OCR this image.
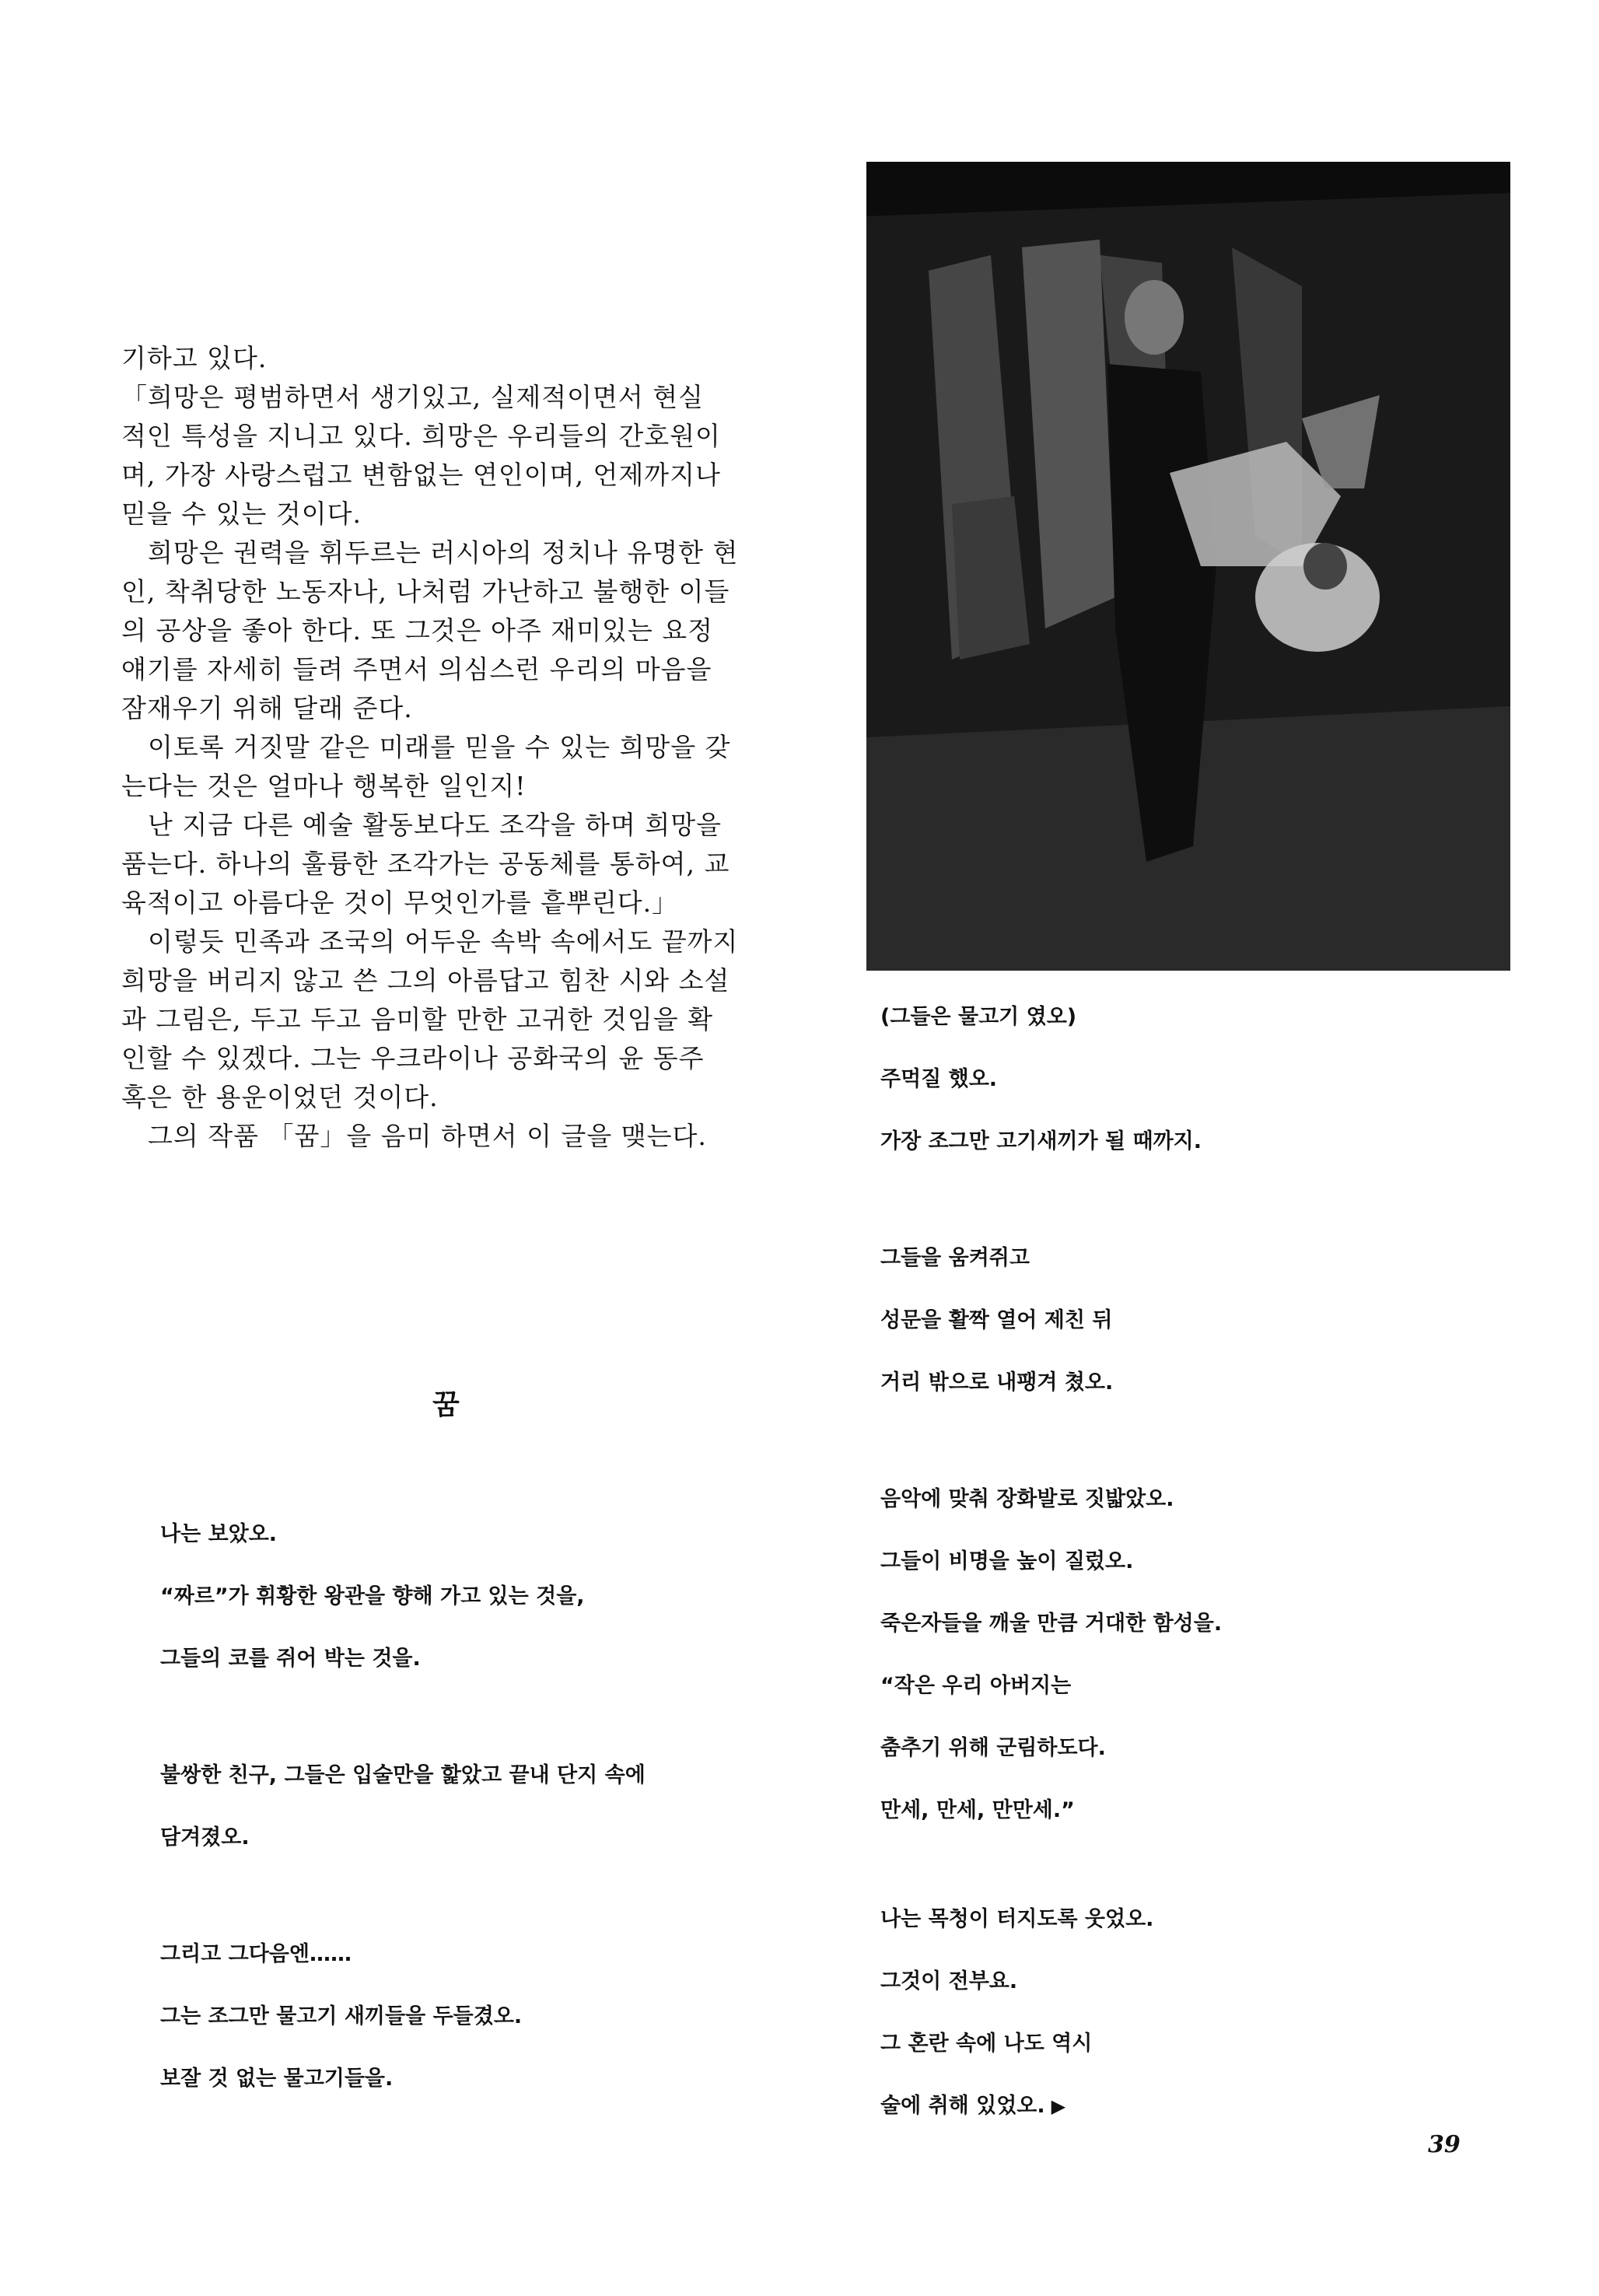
기하고 있다.

「희망은 평범하면서 생기있고, 실제적이면서 현실

적인 특성을 지니고 있다. 희망은 우리들의 간호원이

며, 가장 사랑스럽고 변함없는 연인이며, 언제까지나

믿을 수 있는 것이다.

희망은 권력을 휘두르는 러시아의 정치나 유명한 현

인, 착취당한 노동자나, 나처럼 가난하고 불행한 이들

의 공상을 좋아 한다. 또 그것은 아주 재미있는 요정

얘기를 자세히 들려 주면서 의심스런 우리의 마음을

잠재우기 위해 달래 준다.

이토록 거짓말 같은 미래를 믿을 수 있는 희망을 갖

는다는 것은 얼마나 행복한 일인지!

난 지금 다른 예술 활동보다도 조각을 하며 희망을

품는다. 하나의 훌륭한 조각가는 공동체를 통하여, 교

육적이고 아름다운 것이 무엇인가를 흩뿌린다.」

이렇듯 민족과 조국의 어두운 속박 속에서도 끝까지

희망을 버리지 않고 쓴 그의 아름답고 힘찬 시와 소설

과 그림은, 두고 두고 음미할 만한 고귀한 것임을 확

인할 수 있겠다. 그는 우크라이나 공화국의 윤 동주

혹은 한 용운이었던 것이다.

그의 작품 「꿈」을 음미 하면서 이 글을 맺는다.

꿈
나는 보았오.
“짜르”가 휘황한 왕관을 향해 가고 있는 것을,
그들의 코를 쥐어 박는 것을.
불쌍한 친구, 그들은 입술만을 핥았고 끝내 단지 속에
담겨졌오.
그리고 그다음엔……
그는 조그만 물고기 새끼들을 두들겼오.
보잘 것 없는 물고기들을.
(그들은 물고기 였오)
주먹질 했오.
가장 조그만 고기새끼가 될 때까지.
그들을 움켜쥐고
성문을 활짝 열어 제친 뒤
거리 밖으로 내팽겨 쳤오.
음악에 맞춰 장화발로 짓밟았오.
그들이 비명을 높이 질렀오.
죽은자들을 깨울 만큼 거대한 함성을.
“작은 우리 아버지는
춤추기 위해 군림하도다.
만세, 만세, 만만세.”
나는 목청이 터지도록 웃었오.
그것이 전부요.
그 혼란 속에 나도 역시
술에 취해 있었오. ▶
39
